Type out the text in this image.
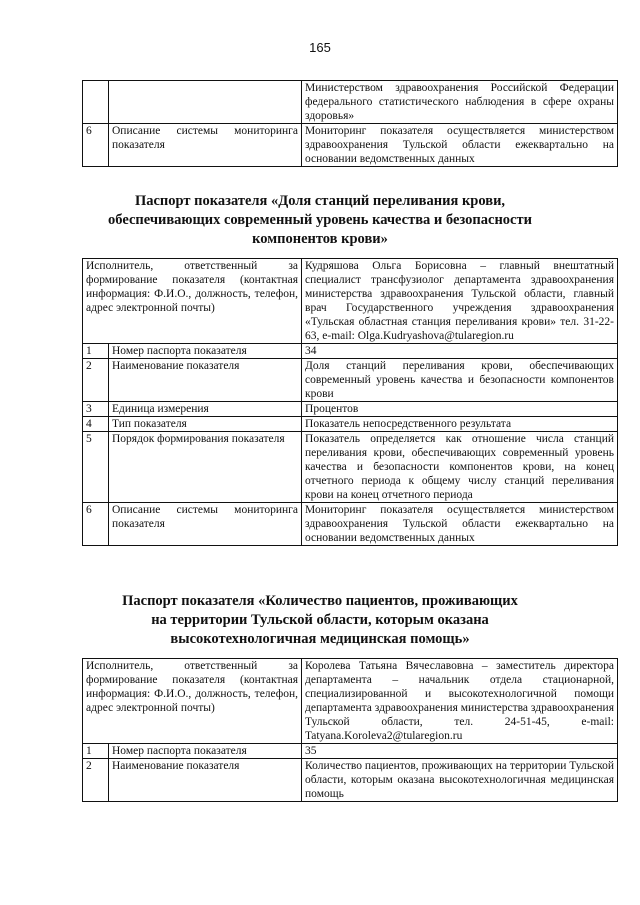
165
		Министерством здравоохранения Российской Федерации федерального статистического наблюдения в сфере охраны здоровья»
6	Описание системы мониторинга показателя	Мониторинг показателя осуществляется министерством здравоохранения Тульской области ежеквартально на основании ведомственных данных
Паспорт показателя «Доля станций переливания крови,
обеспечивающих современный уровень качества и безопасности
компонентов крови»
Исполнитель, ответственный за формирование показателя (контактная информация: Ф.И.О., должность, телефон, адрес электронной почты)		Кудряшова Ольга Борисовна – главный внештатный специалист трансфузиолог департамента здравоохранения министерства здравоохранения Тульской области, главный врач Государственного учреждения здравоохранения «Тульская областная станция переливания крови» тел. 31-22-63, e-mail: Olga.Kudryashova@tularegion.ru
1	Номер паспорта показателя	34
2	Наименование показателя	Доля станций переливания крови, обеспечивающих современный уровень качества и безопасности компонентов крови
3	Единица измерения	Процентов
4	Тип показателя	Показатель непосредственного результата
5	Порядок формирования показателя	Показатель определяется как отношение числа станций переливания крови, обеспечивающих современный уровень качества и безопасности компонентов крови, на конец отчетного периода к общему числу станций переливания крови на конец отчетного периода
6	Описание системы мониторинга показателя	Мониторинг показателя осуществляется министерством здравоохранения Тульской области ежеквартально на основании ведомственных данных
Паспорт показателя «Количество пациентов, проживающих
на территории Тульской области, которым оказана
высокотехнологичная медицинская помощь»
Исполнитель, ответственный за формирование показателя (контактная информация: Ф.И.О., должность, телефон, адрес электронной почты)		Королева Татьяна Вячеславовна – заместитель директора департамента – начальник отдела стационарной, специализированной и высокотехнологичной помощи департамента здравоохранения министерства здравоохранения Тульской области, тел. 24-51-45, e-mail: Tatyana.Koroleva2@tularegion.ru
1	Номер паспорта показателя	35
2	Наименование показателя	Количество пациентов, проживающих на территории Тульской области, которым оказана высокотехнологичная медицинская помощь
